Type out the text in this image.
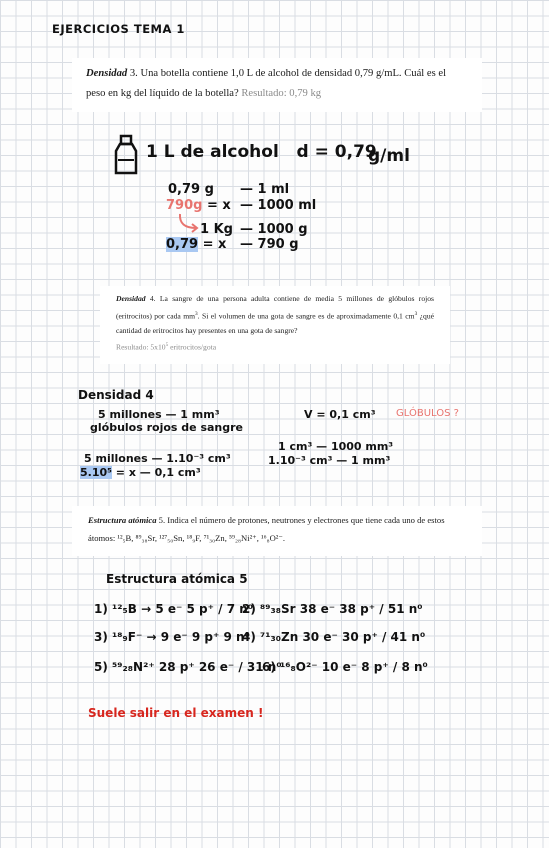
EJERCICIOS TEMA 1

Densidad 3. Una botella contiene 1,0 L de alcohol de densidad 0,79 g/mL. Cuál es el peso en kg del líquido de la botella? Resultado: 0,79 kg

1 L de alcohol d = 0,79
g/ml
0,79 g — 1 ml
790g = x — 1000 ml
1 Kg — 1000 g
0,79 = x — 790 g

Densidad 4. La sangre de una persona adulta contiene de media 5 millones de glóbulos rojos (eritrocitos) por cada $mm^3$. Si el volumen de una gota de sangre es de aproximadamente 0,1 $cm^3$ ¿qué cantidad de eritrocitos hay presentes en una gota de sangre?

Resultado: $5x10^5$ eritrocitos/gota

Densidad 4
5 millones — 1 mm³
glóbulos rojos de sangre
V = 0,1 cm³ GLÓBULOS ?
1 cm³ — 1000 mm³
1.10⁻³ cm³ — 1 mm³
5 millones — 1.10⁻³ cm³
5.10⁵ = x — 0,1 cm³

Estructura atómica 5. Indica el número de protones, neutrones y electrones que tiene cada uno de estos átomos: ¹²₅B, ⁸⁹₃₈Sr, ¹²⁷₅₀Sn, ¹⁸₉F, ⁷¹₃₀Zn, ⁵⁹₂₈Ni²⁺, ¹⁶₈O²⁻.

Estructura atómica 5
1) ¹²₅B → 5 e⁻ 5 p⁺ / 7 n⁰
2) ⁸⁹₃₈Sr 38 e⁻ 38 p⁺ / 51 n⁰
3) ¹⁸₉F⁻ → 9 e⁻ 9 p⁺ 9 n⁰
4) ⁷¹₃₀Zn 30 e⁻ 30 p⁺ / 41 n⁰
5) ⁵⁹₂₈N²⁺ 28 p⁺ 26 e⁻ / 31 n⁰
6) ¹⁶₈O²⁻ 10 e⁻ 8 p⁺ / 8 n⁰
Suele salir en el examen !
